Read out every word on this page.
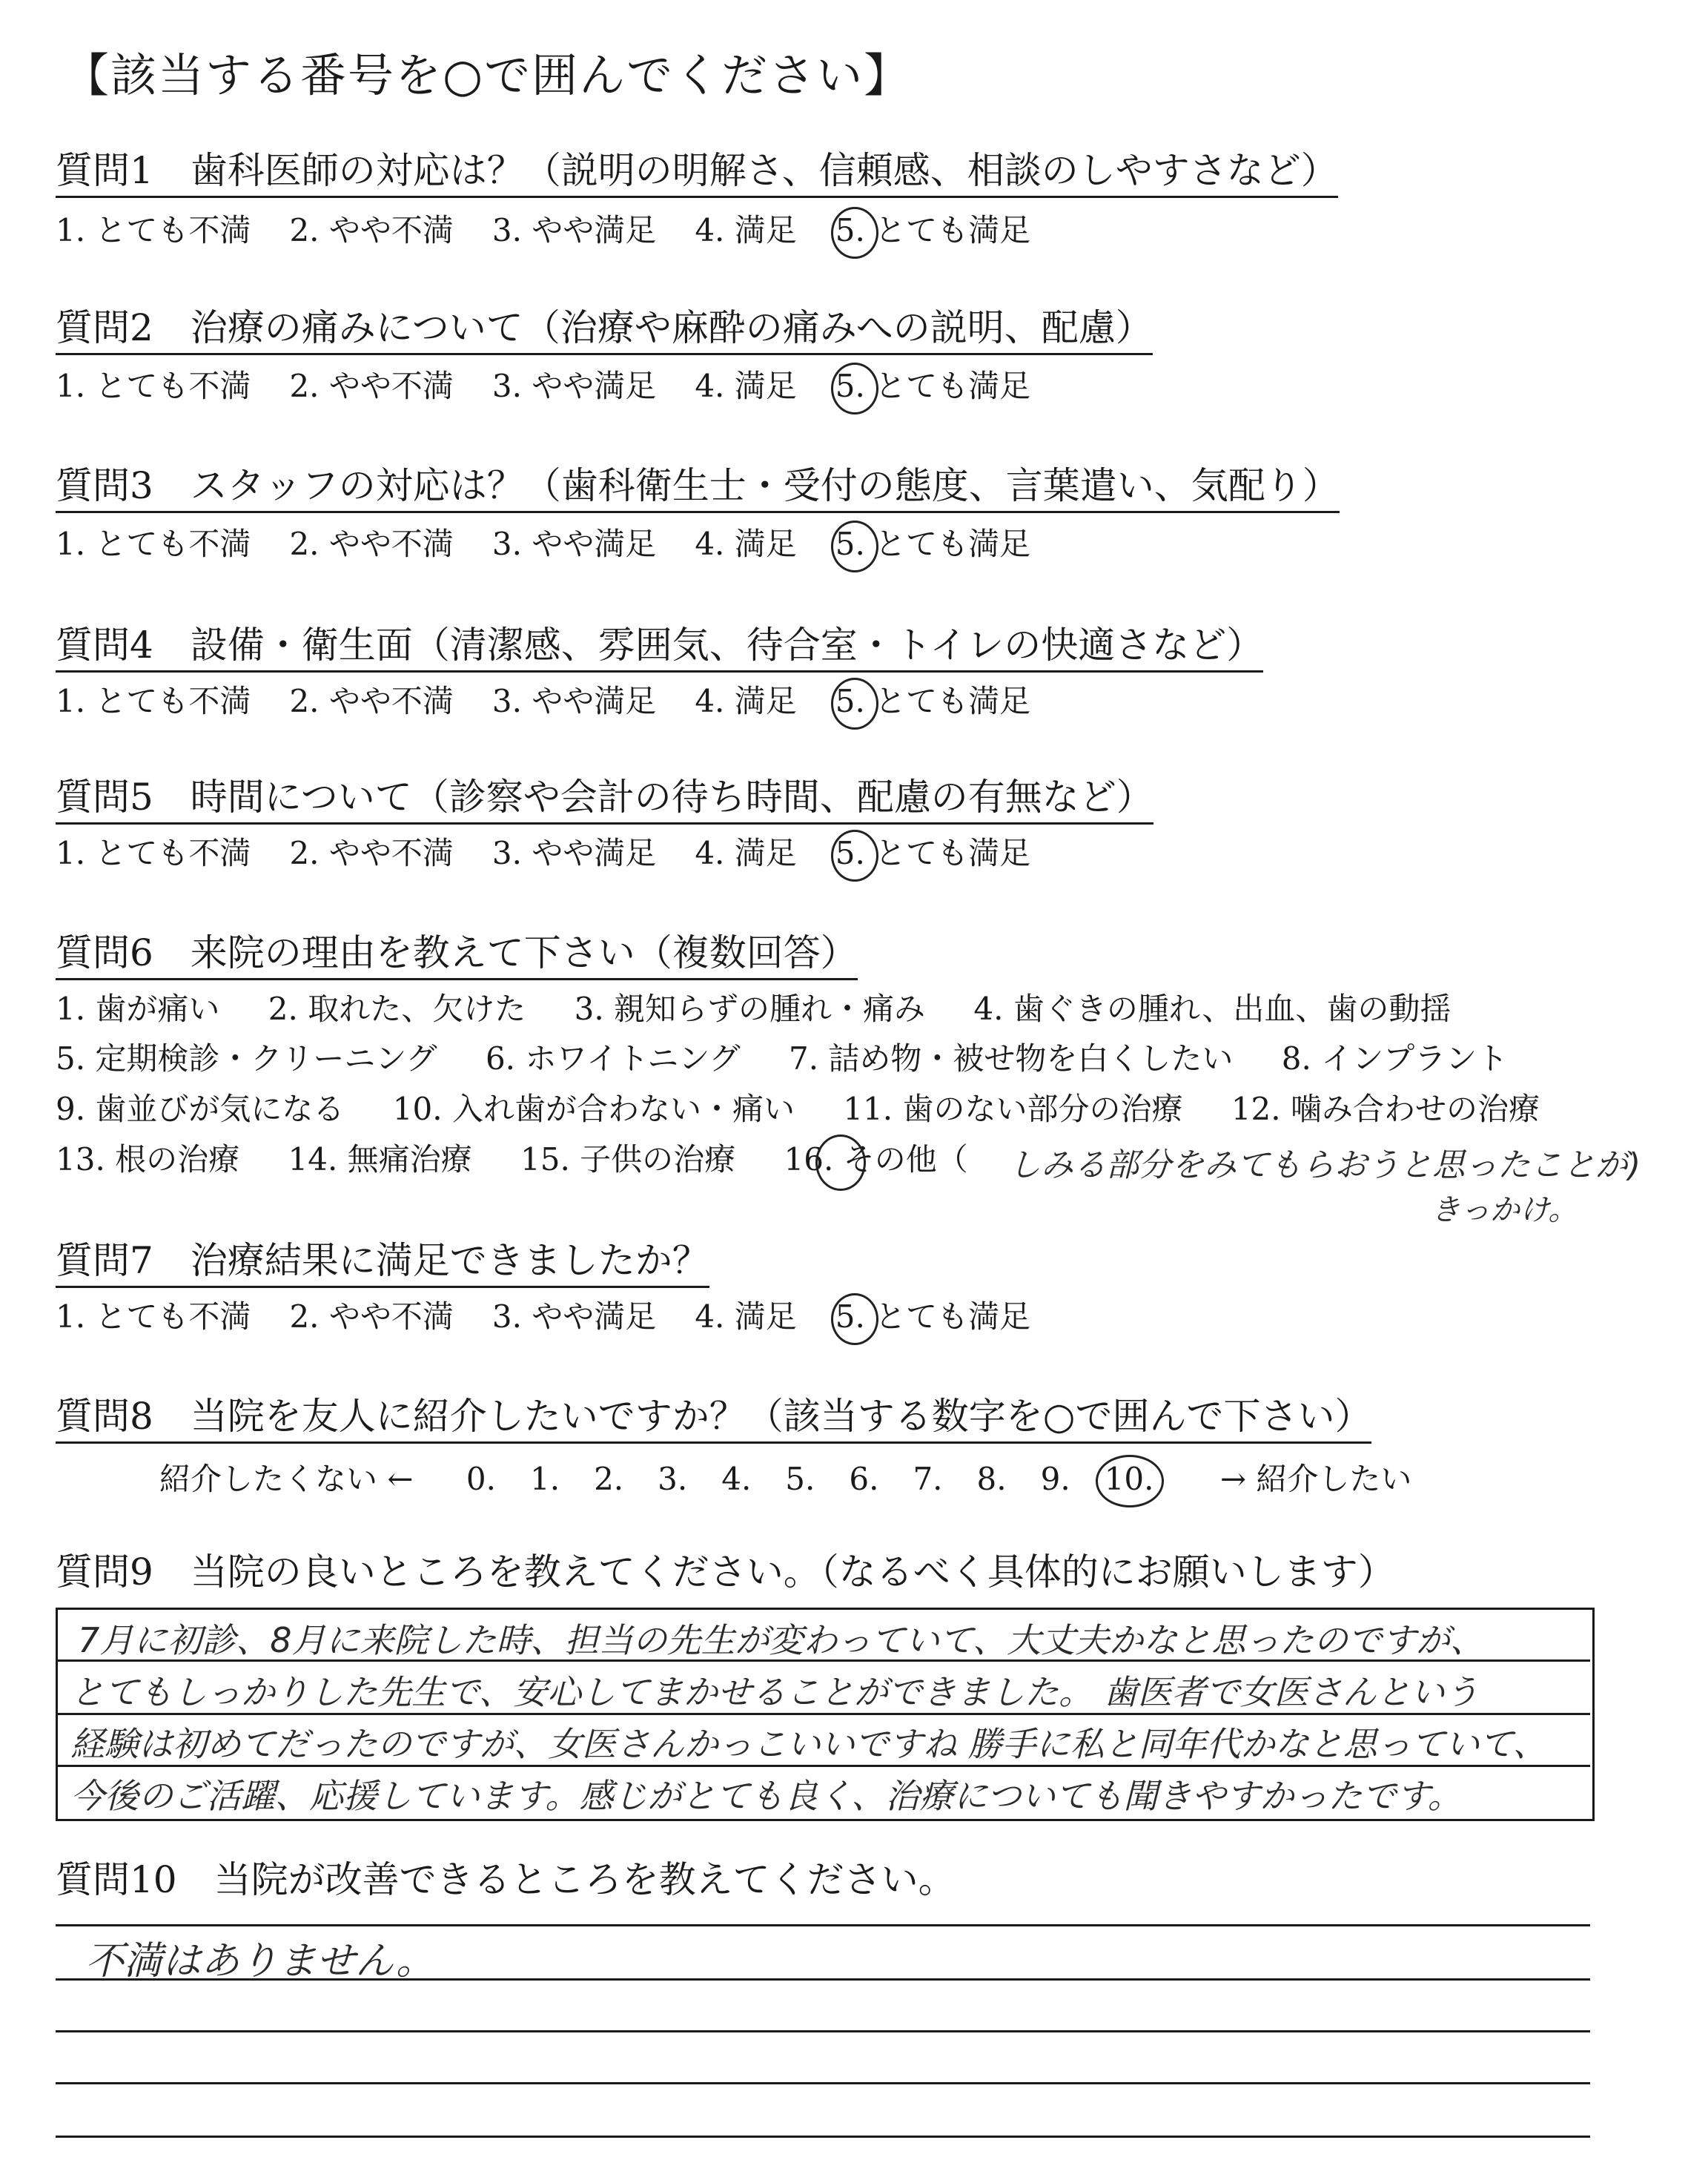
【該当する番号を○で囲んでください】
質問1　歯科医師の対応は？（説明の明解さ、信頼感、相談のしやすさなど）
1. とても不満 2. やや不満 3. やや満足 4. 満足 5. とても満足
質問2　治療の痛みについて（治療や麻酔の痛みへの説明、配慮）
1. とても不満 2. やや不満 3. やや満足 4. 満足 5. とても満足
質問3　スタッフの対応は？（歯科衛生士・受付の態度、言葉遣い、気配り）
1. とても不満 2. やや不満 3. やや満足 4. 満足 5. とても満足
質問4　設備・衛生面（清潔感、雰囲気、待合室・トイレの快適さなど）
1. とても不満 2. やや不満 3. やや満足 4. 満足 5. とても満足
質問5　時間について（診察や会計の待ち時間、配慮の有無など）
1. とても不満 2. やや不満 3. やや満足 4. 満足 5. とても満足
質問6　来院の理由を教えて下さい（複数回答）
1. 歯が痛い 2. 取れた、欠けた 3. 親知らずの腫れ・痛み 4. 歯ぐきの腫れ、出血、歯の動揺
5. 定期検診・クリーニング 6. ホワイトニング 7. 詰め物・被せ物を白くしたい 8. インプラント
9. 歯並びが気になる 10. 入れ歯が合わない・痛い 11. 歯のない部分の治療 12. 噛み合わせの治療
13. 根の治療 14. 無痛治療 15. 子供の治療 16. その他（	しみる部分をみてもらおうと思ったことが)
きっかけ。
質問7　治療結果に満足できましたか？
1. とても不満 2. やや不満 3. やや満足 4. 満足 5. とても満足
質問8　当院を友人に紹介したいですか？（該当する数字を○で囲んで下さい）
紹介したくない ← 0. 1. 2. 3. 4. 5. 6. 7. 8. 9. 10. → 紹介したい
質問9　当院の良いところを教えてください。（なるべく具体的にお願いします）
7月に初診、8月に来院した時、担当の先生が変わっていて、大丈夫かなと思ったのですが、
とてもしっかりした先生で、安心してまかせることができました。 歯医者で女医さんという
経験は初めてだったのですが、女医さんかっこいいですね 勝手に私と同年代かなと思っていて、
今後のご活躍、応援しています。感じがとても良く、治療についても聞きやすかったです。
質問10　当院が改善できるところを教えてください。
不満はありません。
